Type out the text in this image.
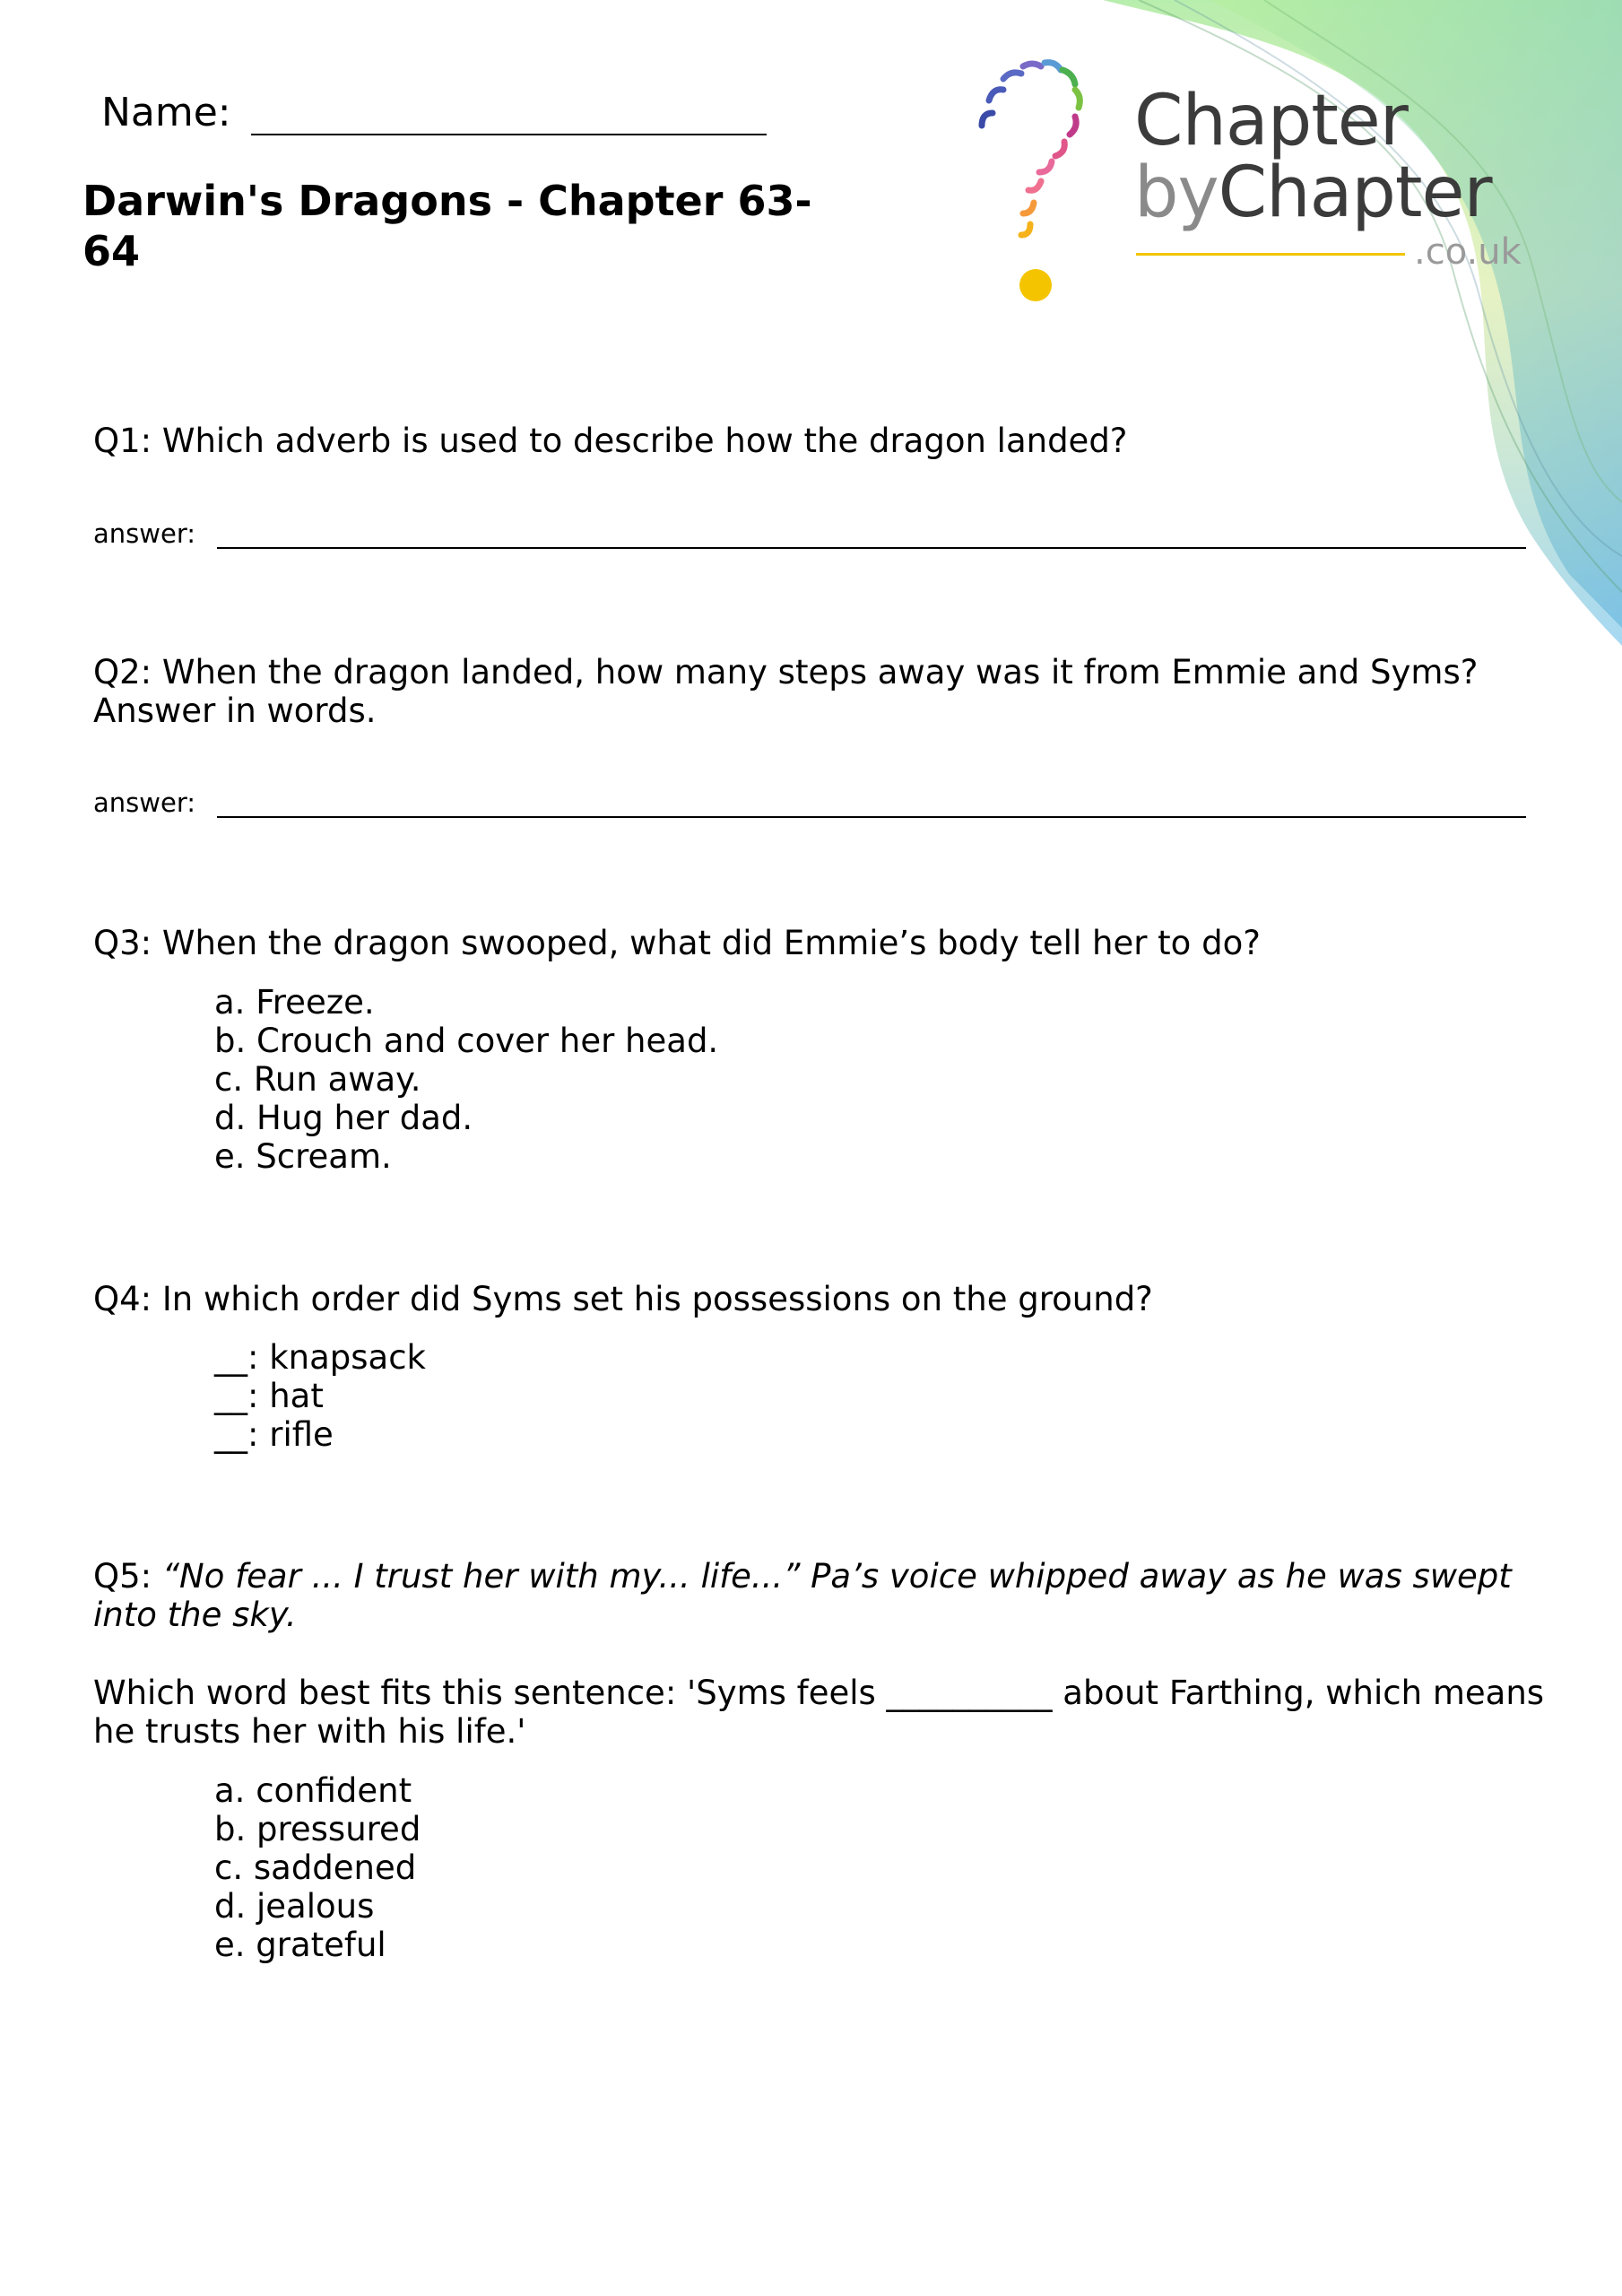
Name:
Darwin's Dragons - Chapter 63-64
Chapter
byChapter
.co.uk
Q1: Which adverb is used to describe how the dragon landed?
answer:
Q2: When the dragon landed, how many steps away was it from Emmie and Syms? Answer in words.
answer:
Q3: When the dragon swooped, what did Emmie’s body tell her to do?
a. Freeze.
b. Crouch and cover her head.
c. Run away.
d. Hug her dad.
e. Scream.
Q4: In which order did Syms set his possessions on the ground?
__: knapsack
__: hat
__: rifle
Q5: “No fear ... I trust her with my... life...” Pa’s voice whipped away as he was swept into the sky.
Which word best fits this sentence: 'Syms feels __________ about Farthing, which means he trusts her with his life.'
a. confident
b. pressured
c. saddened
d. jealous
e. grateful
